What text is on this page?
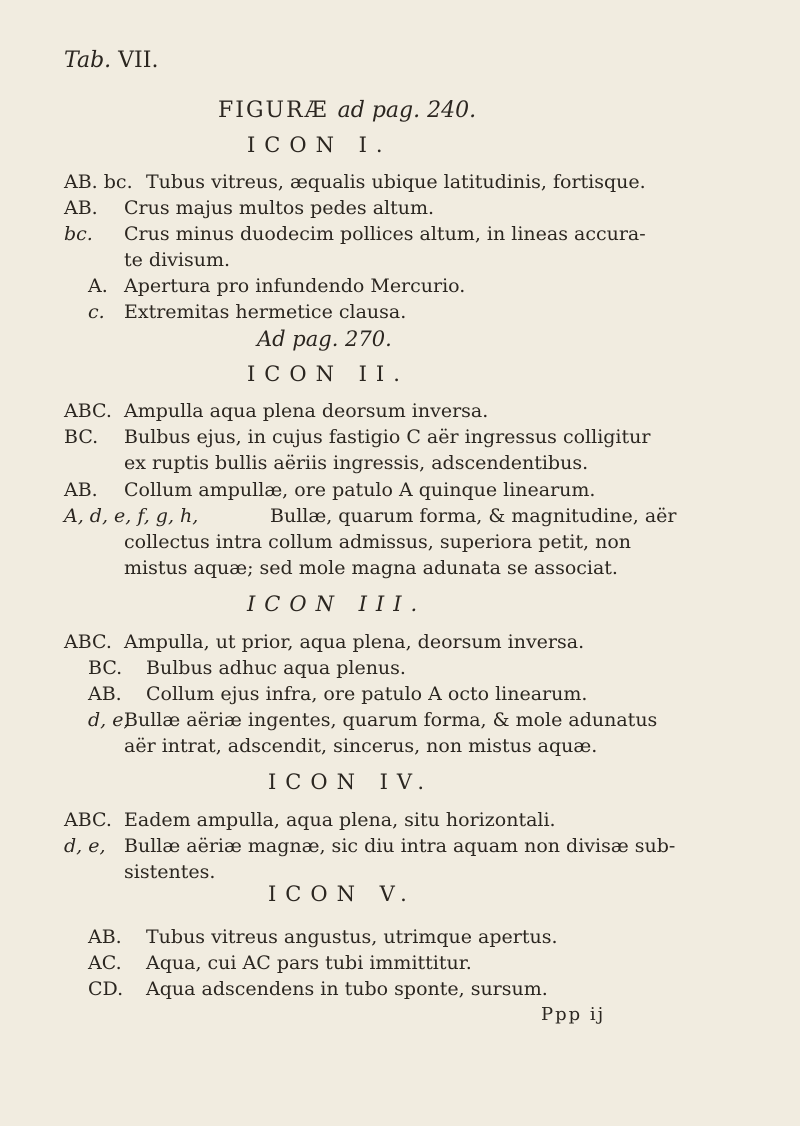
Tab. VII.
FIGURÆ ad pag. 240.
ICON I.
AB. bc. Tubus vitreus, æqualis ubique latitudinis, fortisque.
AB. Crus majus multos pedes altum.
bc. Crus minus duodecim pollices altum, in lineas accura-
te divisum.
A. Apertura pro infundendo Mercurio.
c. Extremitas hermetice clausa.
Ad pag. 270.
ICON II.
ABC. Ampulla aqua plena deorsum inversa.
BC. Bulbus ejus, in cujus fastigio C aër ingressus colligitur
ex ruptis bullis aëriis ingressis, adscendentibus.
AB. Collum ampullæ, ore patulo A quinque linearum.
A, d, e, f, g, h,	Bullæ, quarum forma, & magnitudine, aër
collectus intra collum admissus, superiora petit, non
mistus aquæ; sed mole magna adunata se associat.
ICON III.
ABC. Ampulla, ut prior, aqua plena, deorsum inversa.
BC. Bulbus adhuc aqua plenus.
AB. Collum ejus infra, ore patulo A octo linearum.
d, e,
Bullæ aëriæ ingentes, quarum forma, & mole adunatus
aër intrat, adscendit, sincerus, non mistus aquæ.
ICON IV.
ABC. Eadem ampulla, aqua plena, situ horizontali.
d, e, Bullæ aëriæ magnæ, sic diu intra aquam non divisæ sub-
sistentes.
ICON V.
AB. Tubus vitreus angustus, utrimque apertus.
AC. Aqua, cui AC pars tubi immittitur.
CD. Aqua adscendens in tubo sponte, sursum.
Ppp ij
